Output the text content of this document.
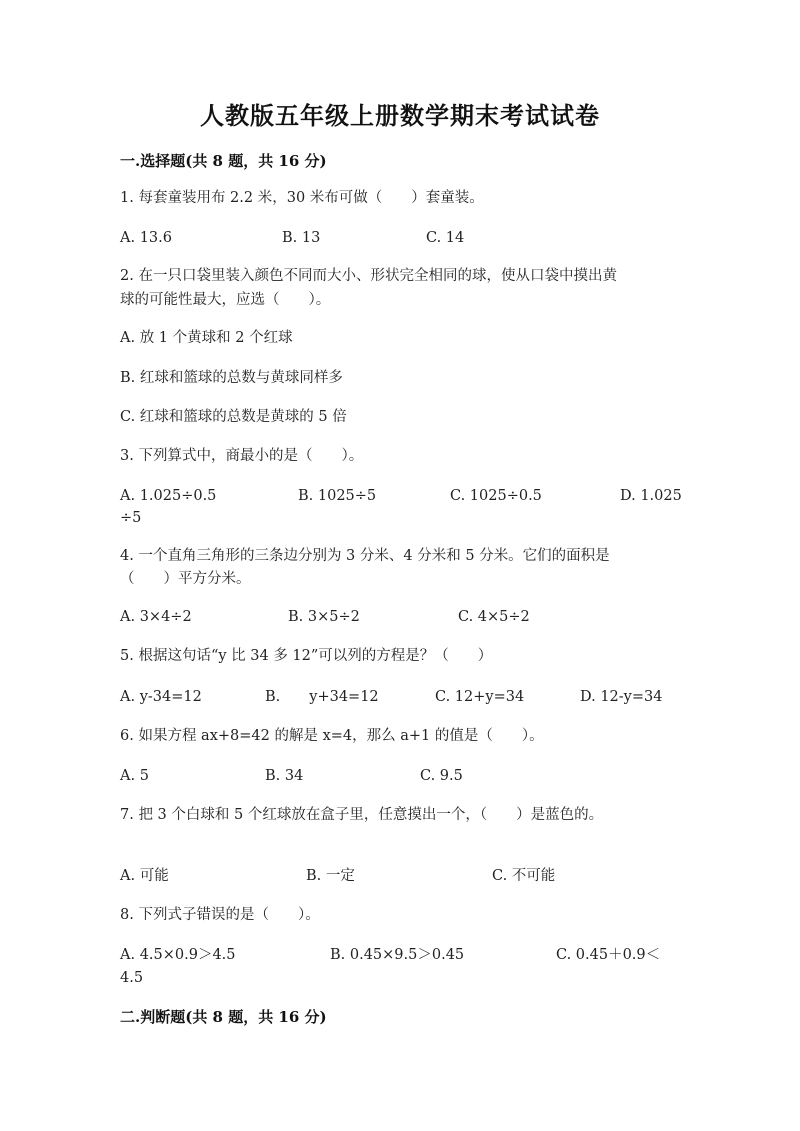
人教版五年级上册数学期末考试试卷
一.选择题(共 8 题，共 16 分)
1. 每套童装用布 2.2 米，30 米布可做（　　）套童装。
A. 13.6	B. 13	C. 14
2. 在一只口袋里装入颜色不同而大小、形状完全相同的球，使从口袋中摸出黄
球的可能性最大，应选（　　）。
A. 放 1 个黄球和 2 个红球
B. 红球和篮球的总数与黄球同样多
C. 红球和篮球的总数是黄球的 5 倍
3. 下列算式中，商最小的是（　　）。
A. 1.025÷0.5	B. 1025÷5	C. 1025÷0.5	D. 1.025
÷5
4. 一个直角三角形的三条边分别为 3 分米、4 分米和 5 分米。它们的面积是
（　　）平方分米。
A. 3×4÷2	B. 3×5÷2	C. 4×5÷2
5. 根据这句话“y 比 34 多 12”可以列的方程是？（　　）
A. y-34=12	B.　　y+34=12	C. 12+y=34	D. 12-y=34
6. 如果方程 ax+8=42 的解是 x=4，那么 a+1 的值是（　　）。
A. 5	B. 34	C. 9.5
7. 把 3 个白球和 5 个红球放在盒子里，任意摸出一个，（　　）是蓝色的。
A. 可能	B. 一定	C. 不可能
8. 下列式子错误的是（　　）。
A. 4.5×0.9＞4.5	B. 0.45×9.5＞0.45	C. 0.45＋0.9＜
4.5
二.判断题(共 8 题，共 16 分)
